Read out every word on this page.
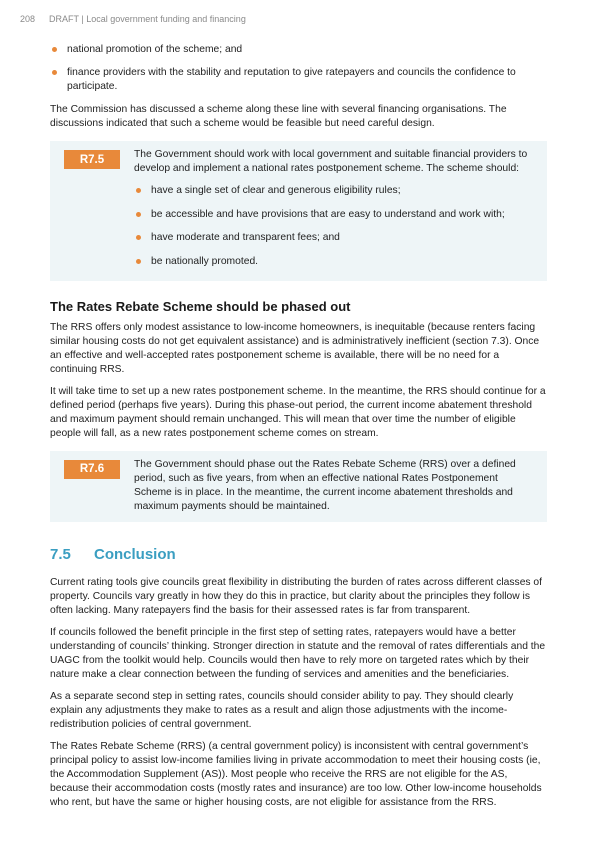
208 DRAFT | Local government funding and financing
national promotion of the scheme; and
finance providers with the stability and reputation to give ratepayers and councils the confidence to participate.

The Commission has discussed a scheme along these line with several financing organisations. The discussions indicated that such a scheme would be feasible but need careful design.

R7.5	The Government should work with local government and suitable financial providers to develop and implement a national rates postponement scheme. The scheme should:

have a single set of clear and generous eligibility rules;
be accessible and have provisions that are easy to understand and work with;
have moderate and transparent fees; and
be nationally promoted.
The Rates Rebate Scheme should be phased out

The RRS offers only modest assistance to low-income homeowners, is inequitable (because renters facing similar housing costs do not get equivalent assistance) and is administratively inefficient (section 7.3). Once an effective and well-accepted rates postponement scheme is available, there will be no need for a continuing RRS.

It will take time to set up a new rates postponement scheme. In the meantime, the RRS should continue for a defined period (perhaps five years). During this phase-out period, the current income abatement threshold and maximum payment should remain unchanged. This will mean that over time the number of eligible people will fall, as a new rates postponement scheme comes on stream.

R7.6	The Government should phase out the Rates Rebate Scheme (RRS) over a defined period, such as five years, from when an effective national Rates Postponement Scheme is in place. In the meantime, the current income abatement thresholds and maximum payments should be maintained.

7.5	Conclusion

Current rating tools give councils great flexibility in distributing the burden of rates across different classes of property. Councils vary greatly in how they do this in practice, but clarity about the principles they follow is often lacking. Many ratepayers find the basis for their assessed rates is far from transparent.

If councils followed the benefit principle in the first step of setting rates, ratepayers would have a better understanding of councils’ thinking. Stronger direction in statute and the removal of rates differentials and the UAGC from the toolkit would help. Councils would then have to rely more on targeted rates which by their nature make a clear connection between the funding of services and amenities and the beneficiaries.

As a separate second step in setting rates, councils should consider ability to pay. They should clearly explain any adjustments they make to rates as a result and align those adjustments with the income-redistribution policies of central government.

The Rates Rebate Scheme (RRS) (a central government policy) is inconsistent with central government’s principal policy to assist low-income families living in private accommodation to meet their housing costs (ie, the Accommodation Supplement (AS)). Most people who receive the RRS are not eligible for the AS, because their accommodation costs (mostly rates and insurance) are too low. Other low-income households who rent, but have the same or higher housing costs, are not eligible for assistance from the RRS.
